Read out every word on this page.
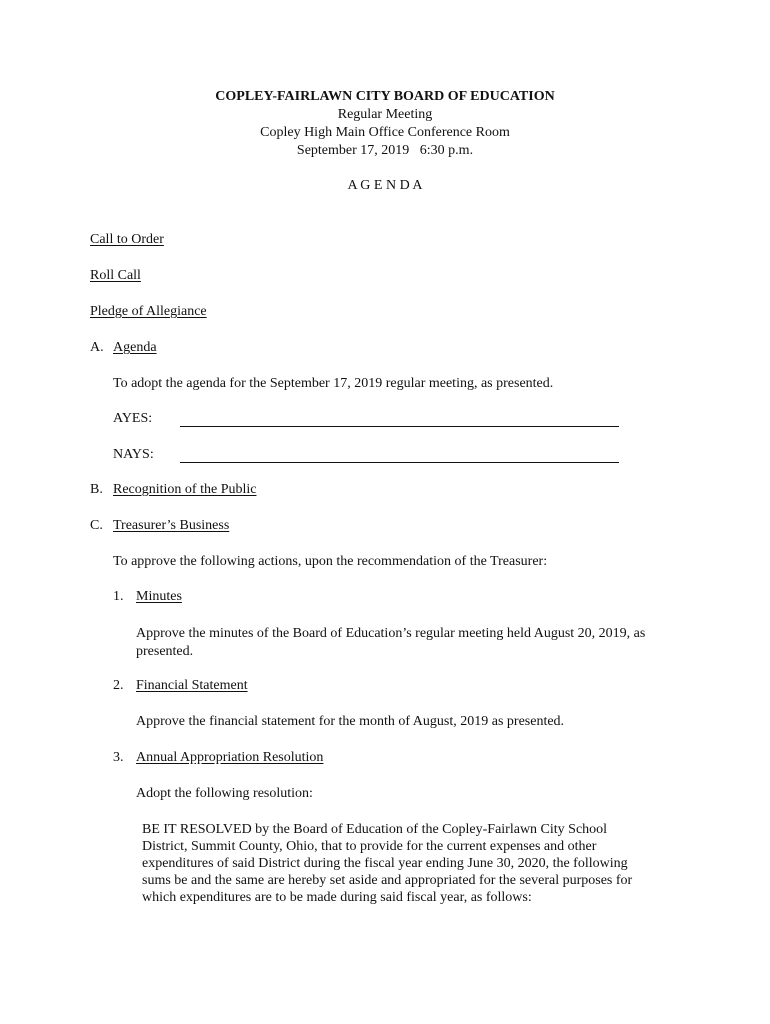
COPLEY-FAIRLAWN CITY BOARD OF EDUCATION
Regular Meeting
Copley High Main Office Conference Room
September 17, 2019   6:30 p.m.
A G E N D A
Call to Order
Roll Call
Pledge of Allegiance
A. Agenda
To adopt the agenda for the September 17, 2019 regular meeting, as presented.
AYES:
NAYS:
B. Recognition of the Public
C. Treasurer’s Business
To approve the following actions, upon the recommendation of the Treasurer:
1. Minutes
Approve the minutes of the Board of Education’s regular meeting held August 20, 2019, as
presented.
2. Financial Statement
Approve the financial statement for the month of August, 2019 as presented.
3. Annual Appropriation Resolution
Adopt the following resolution:
BE IT RESOLVED by the Board of Education of the Copley-Fairlawn City School
District, Summit County, Ohio, that to provide for the current expenses and other
expenditures of said District during the fiscal year ending June 30, 2020, the following
sums be and the same are hereby set aside and appropriated for the several purposes for
which expenditures are to be made during said fiscal year, as follows:
